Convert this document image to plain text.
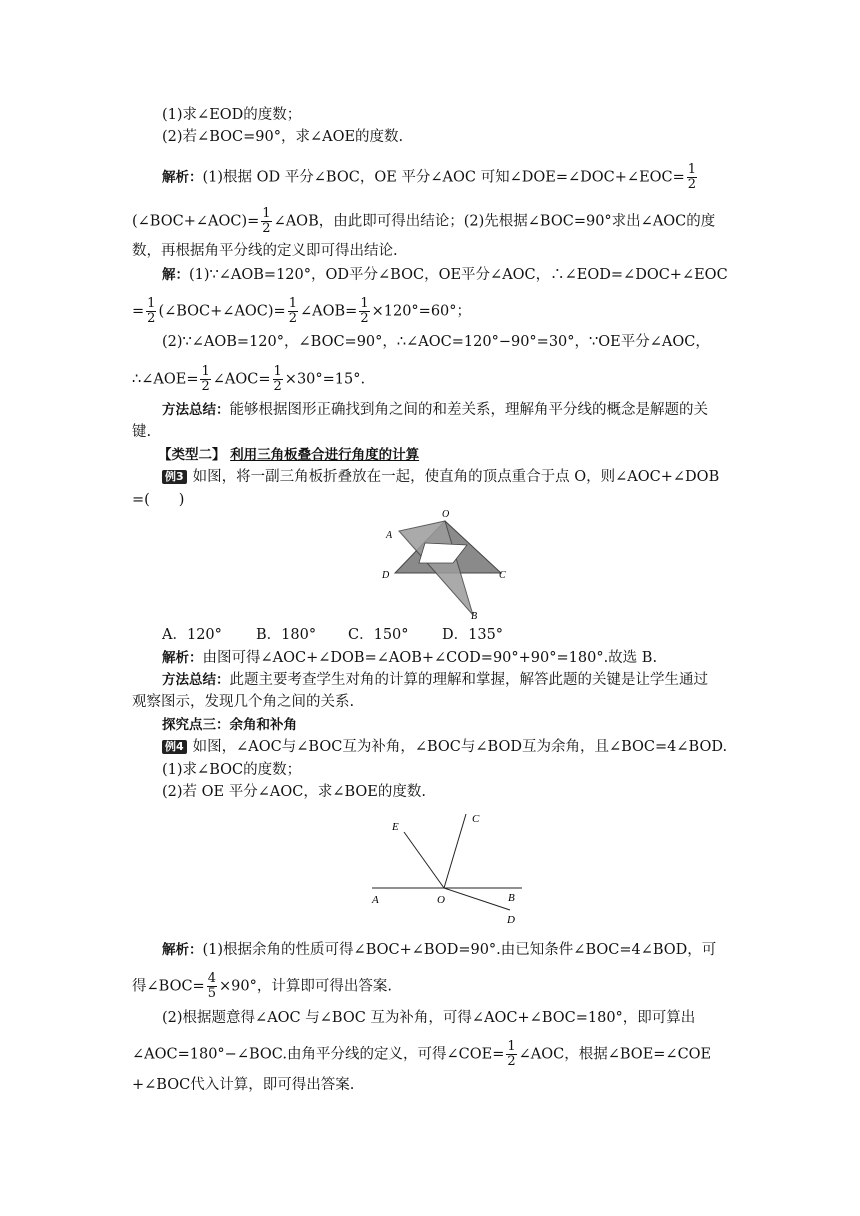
(1)求∠EOD的度数；
(2)若∠BOC=90°，求∠AOE的度数.
解析：(1)根据 OD 平分∠BOC，OE 平分∠AOC 可知∠DOE=∠DOC+∠EOC= $\frac{1}{2}$
(∠BOC+∠AOC)= $\frac{1}{2}$ ∠AOB，由此即可得出结论；(2)先根据∠BOC=90°求出∠AOC的度
数，再根据角平分线的定义即可得出结论.
解：(1)∵∠AOB=120°，OD平分∠BOC，OE平分∠AOC，∴∠EOD=∠DOC+∠EOC
= $\frac{1}{2}$ (∠BOC+∠AOC)= $\frac{1}{2}$ ∠AOB= $\frac{1}{2} \times 120^\circ=60^\circ$；
(2)∵∠AOB=120°，∠BOC=90°，∴∠AOC=120°−90°=30°，∵OE平分∠AOC，
∴∠AOE= $\frac{1}{2}$ ∠AOC= $\frac{1}{2} \times 30^\circ=15^\circ$.
方法总结：能够根据图形正确找到角之间的和差关系，理解角平分线的概念是解题的关
键.
【类型二】 利用三角板叠合进行角度的计算
例3 如图，将一副三角板折叠放在一起，使直角的顶点重合于点 O，则∠AOC+∠DOB
=(　　)
O
A
D	C
B
A．120° B．180° C．150° D．135°
解析：由图可得∠AOC+∠DOB=∠AOB+∠COD=90°+90°=180°.故选 B.
方法总结：此题主要考查学生对角的计算的理解和掌握，解答此题的关键是让学生通过
观察图示，发现几个角之间的关系.
探究点三：余角和补角
例4 如图，∠AOC与∠BOC互为补角，∠BOC与∠BOD互为余角，且∠BOC=4∠BOD.
(1)求∠BOC的度数；
(2)若 OE 平分∠AOC，求∠BOE的度数.
E
C
A	O	B
D
解析：(1)根据余角的性质可得∠BOC+∠BOD=90°.由已知条件∠BOC=4∠BOD，可
得∠BOC= $\frac{4}{5} \times 90^\circ$，计算即可得出答案.
(2)根据题意得∠AOC 与∠BOC 互为补角，可得∠AOC+∠BOC=180°，即可算出
∠AOC=180°−∠BOC.由角平分线的定义，可得∠COE= $\frac{1}{2}$ ∠AOC，根据∠BOE=∠COE
+∠BOC代入计算，即可得出答案.
